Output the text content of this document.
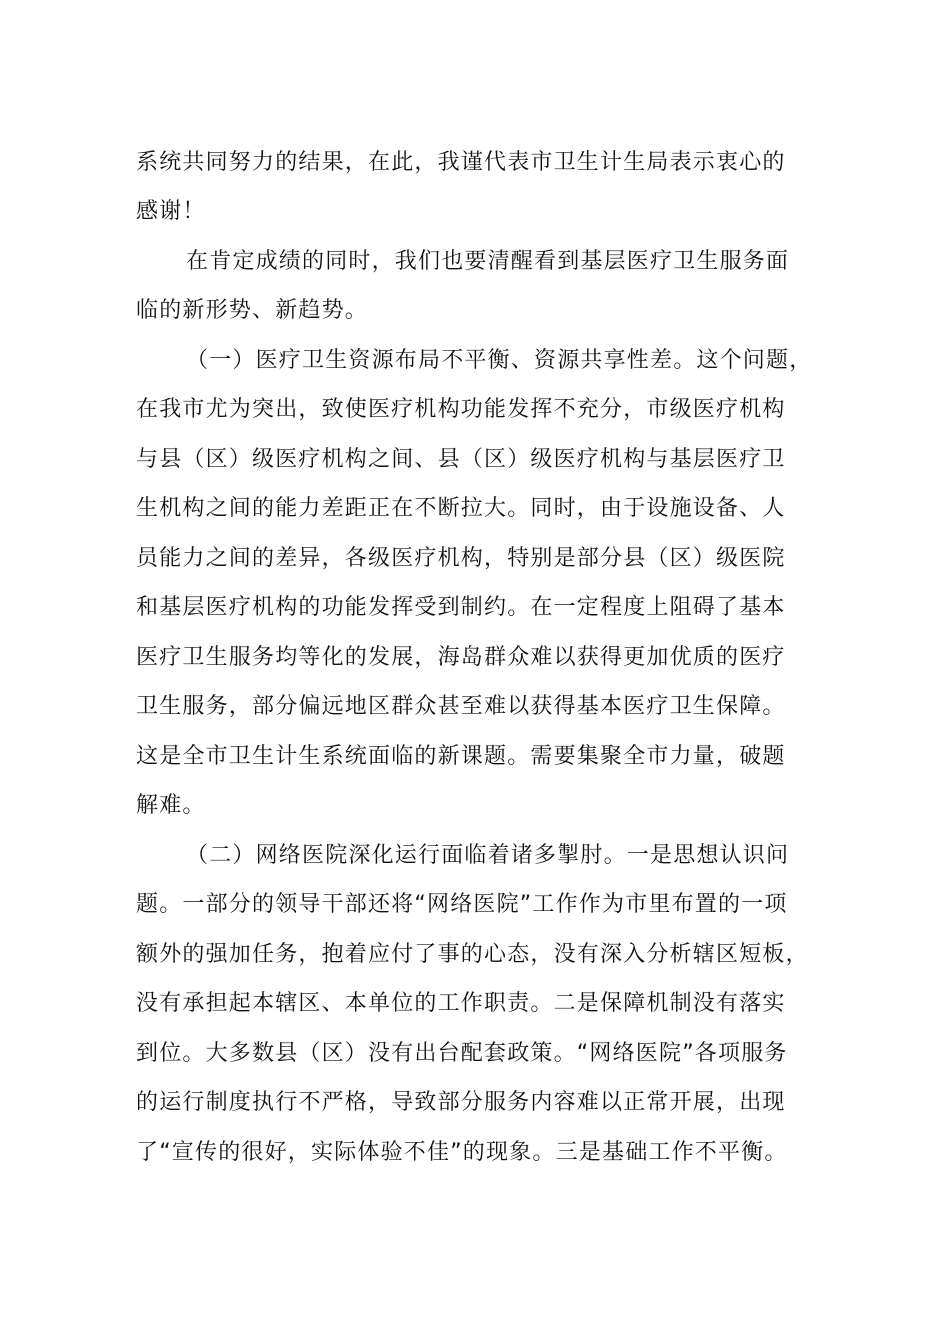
系统共同努力的结果，在此，我谨代表市卫生计生局表示衷心的
感谢！
在肯定成绩的同时，我们也要清醒看到基层医疗卫生服务面
临的新形势、新趋势。
（一）医疗卫生资源布局不平衡、资源共享性差。这个问题，
在我市尤为突出，致使医疗机构功能发挥不充分，市级医疗机构
与县（区）级医疗机构之间、县（区）级医疗机构与基层医疗卫
生机构之间的能力差距正在不断拉大。同时，由于设施设备、人
员能力之间的差异，各级医疗机构，特别是部分县（区）级医院
和基层医疗机构的功能发挥受到制约。在一定程度上阻碍了基本
医疗卫生服务均等化的发展，海岛群众难以获得更加优质的医疗
卫生服务，部分偏远地区群众甚至难以获得基本医疗卫生保障。
这是全市卫生计生系统面临的新课题。需要集聚全市力量，破题
解难。
（二）网络医院深化运行面临着诸多掣肘。一是思想认识问
题。一部分的领导干部还将“网络医院”工作作为市里布置的一项
额外的强加任务，抱着应付了事的心态，没有深入分析辖区短板，
没有承担起本辖区、本单位的工作职责。二是保障机制没有落实
到位。大多数县（区）没有出台配套政策。“网络医院”各项服务
的运行制度执行不严格，导致部分服务内容难以正常开展，出现
了“宣传的很好，实际体验不佳”的现象。三是基础工作不平衡。
